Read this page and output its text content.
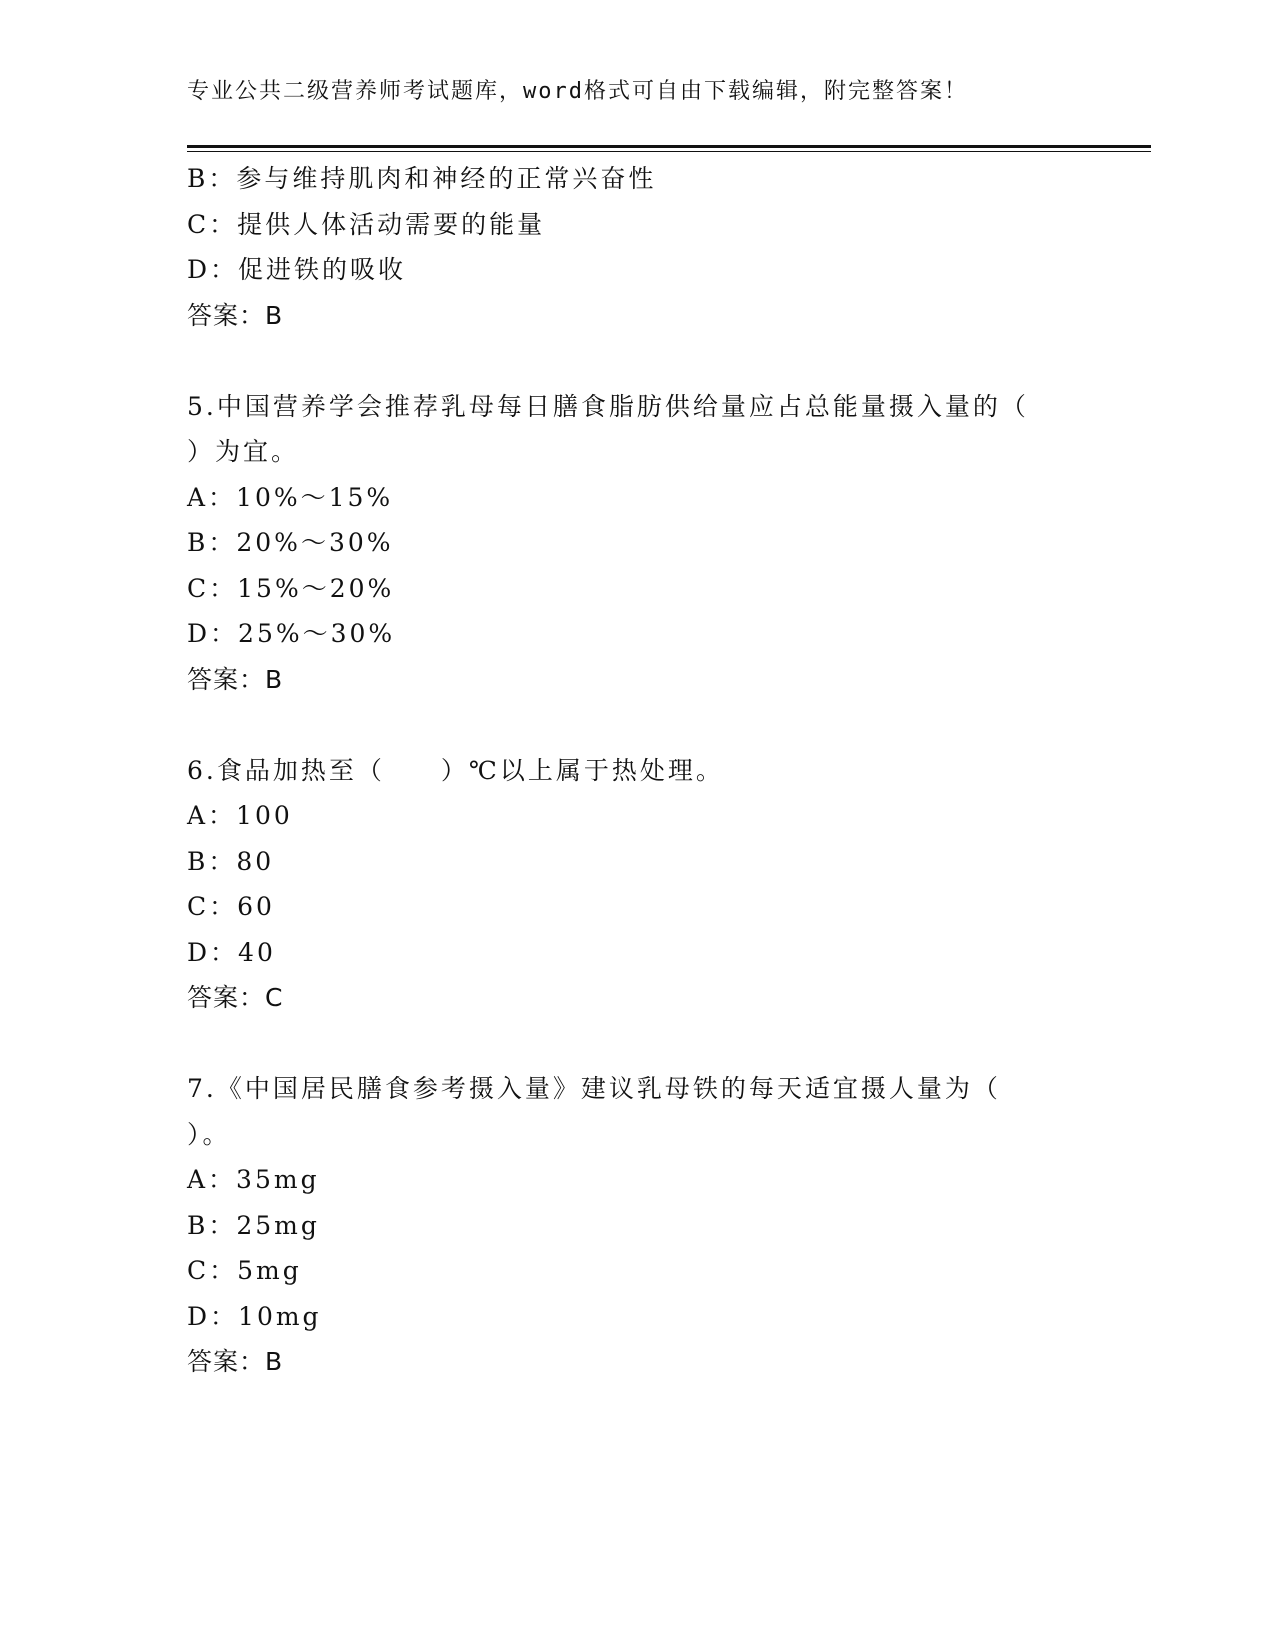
专业公共二级营养师考试题库，word格式可自由下载编辑，附完整答案！
B：参与维持肌肉和神经的正常兴奋性
C：提供人体活动需要的能量
D：促进铁的吸收
答案：B
5.中国营养学会推荐乳母每日膳食脂肪供给量应占总能量摄入量的（
）为宜。
A：10%～15%
B：20%～30%
C：15%～20%
D：25%～30%
答案：B
6.食品加热至（　　）℃以上属于热处理。
A：100
B：80
C：60
D：40
答案：C
7.《中国居民膳食参考摄入量》建议乳母铁的每天适宜摄人量为（
）。
A：35mg
B：25mg
C：5mg
D：10mg
答案：B
